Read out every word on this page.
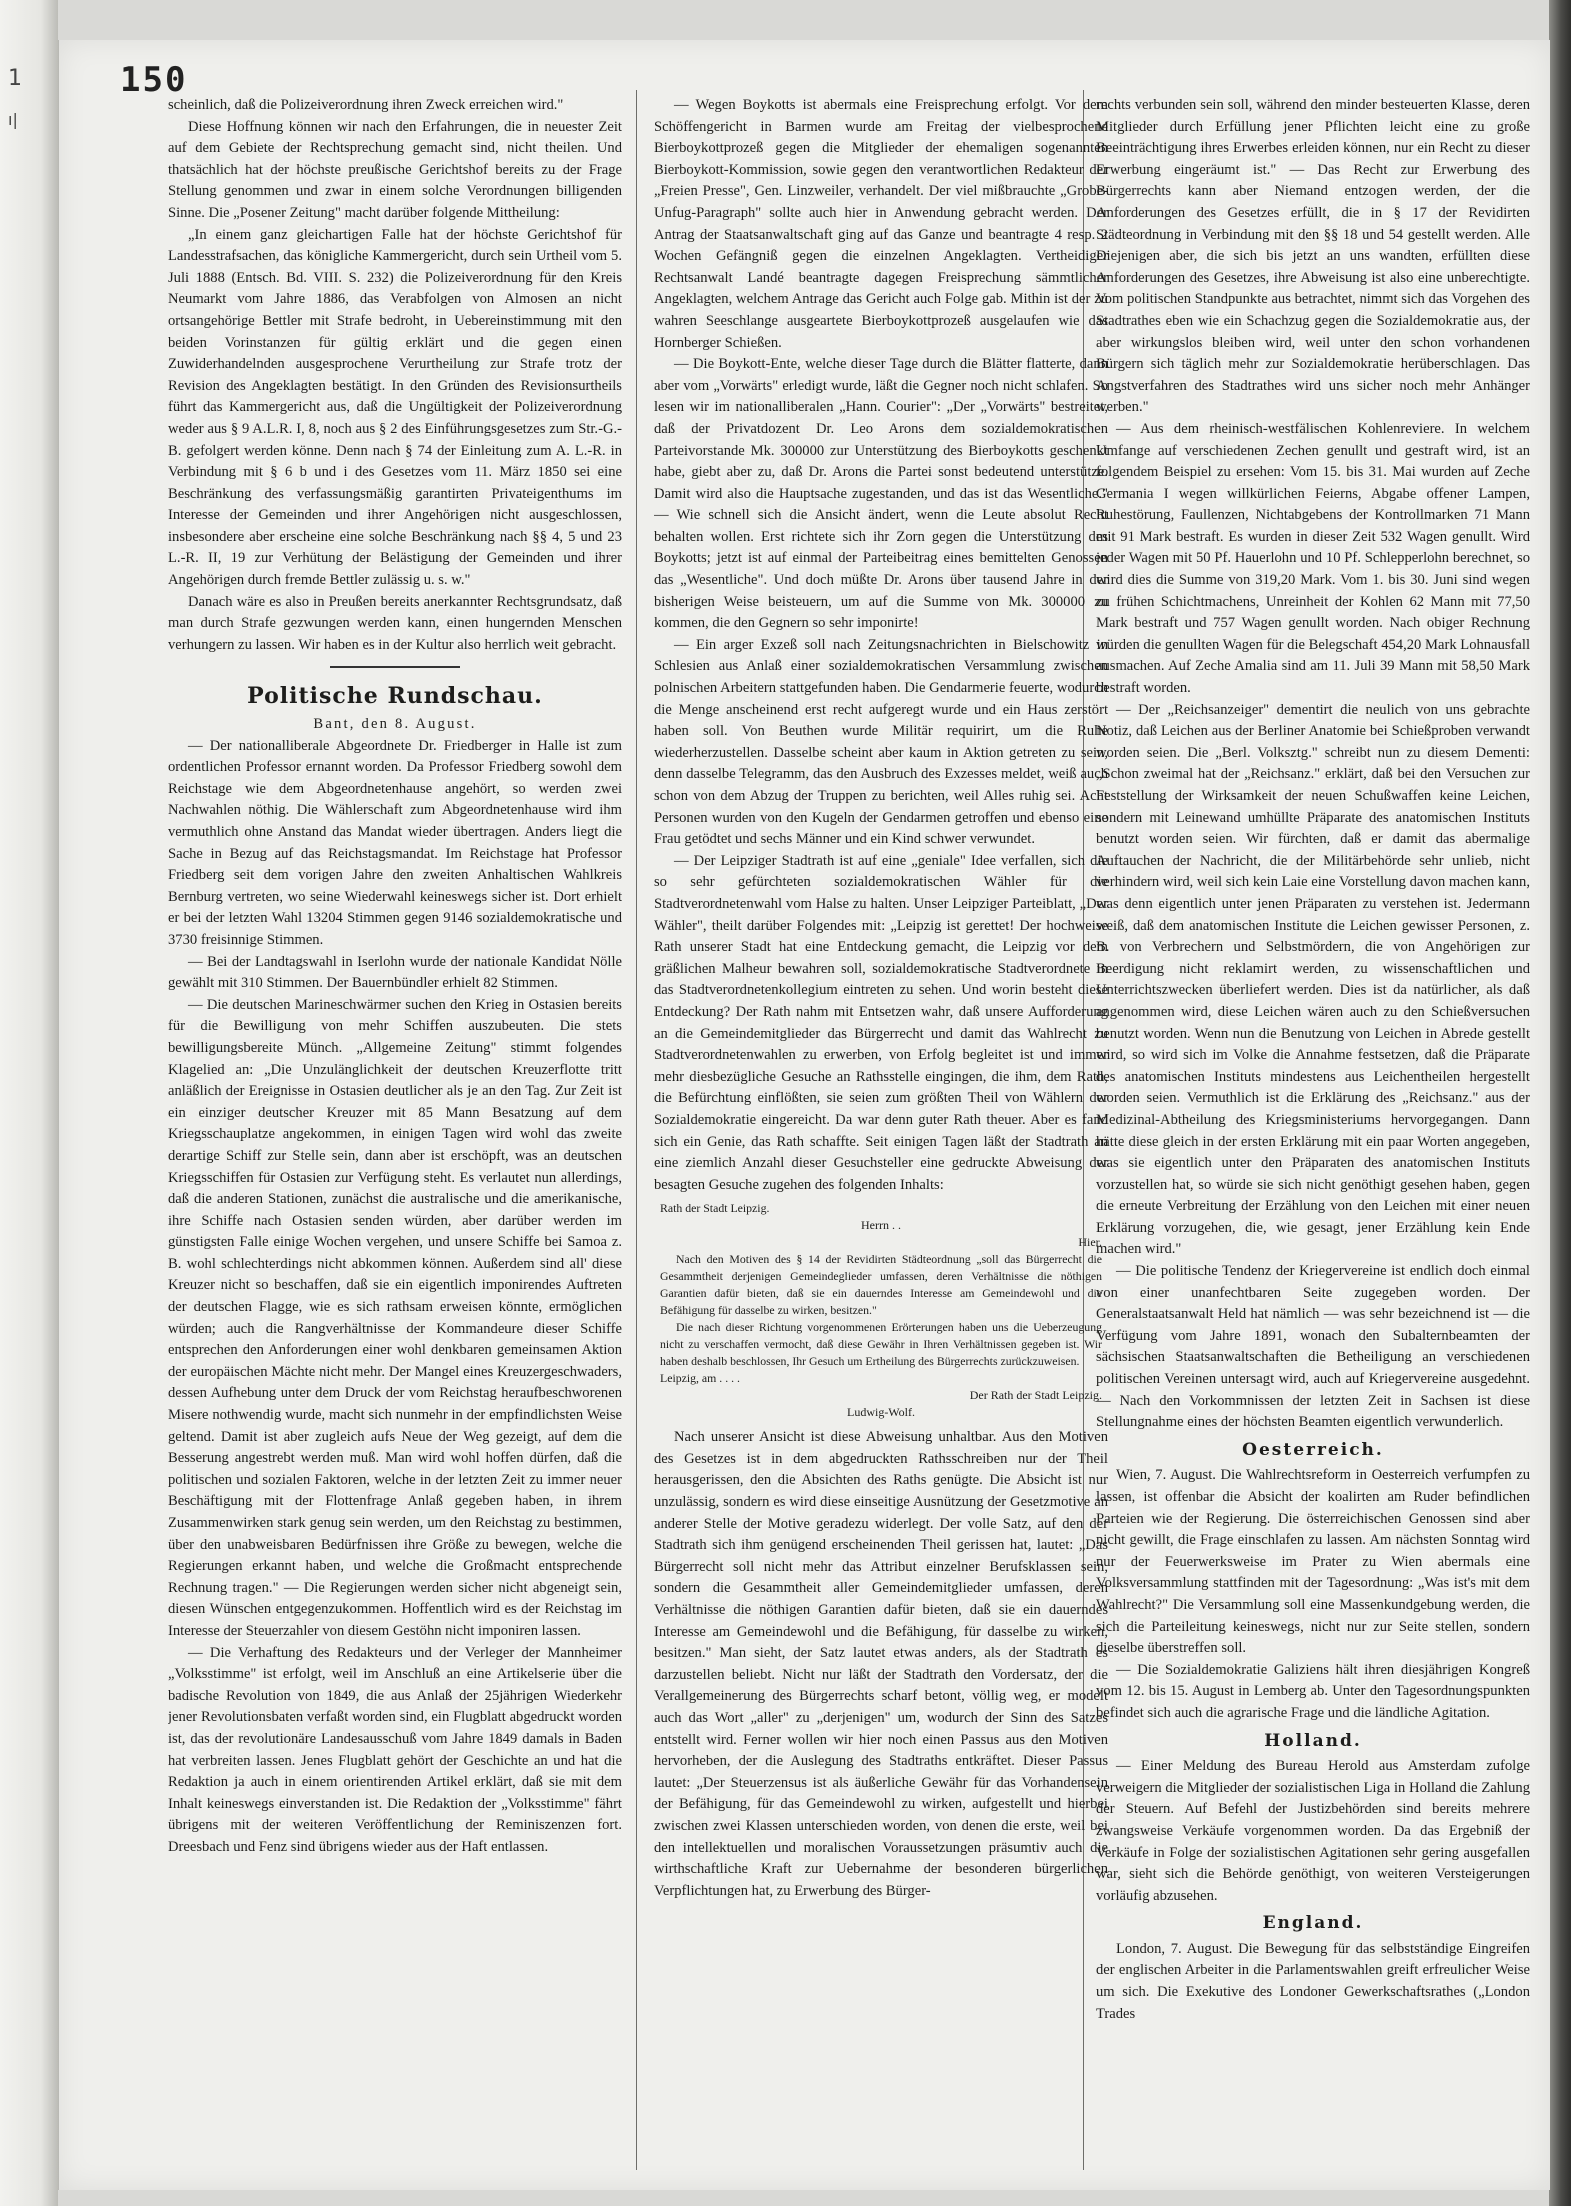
1
ı|
150

scheinlich, daß die Polizeiverordnung ihren Zweck erreichen wird."

Diese Hoffnung können wir nach den Erfahrungen, die in neuester Zeit auf dem Gebiete der Rechtsprechung gemacht sind, nicht theilen. Und thatsächlich hat der höchste preußische Gerichtshof bereits zu der Frage Stellung genommen und zwar in einem solche Verordnungen billigenden Sinne. Die „Posener Zeitung" macht darüber folgende Mittheilung:

„In einem ganz gleichartigen Falle hat der höchste Gerichtshof für Landesstrafsachen, das königliche Kammergericht, durch sein Urtheil vom 5. Juli 1888 (Entsch. Bd. VIII. S. 232) die Polizeiverordnung für den Kreis Neumarkt vom Jahre 1886, das Verabfolgen von Almosen an nicht ortsangehörige Bettler mit Strafe bedroht, in Uebereinstimmung mit den beiden Vorinstanzen für gültig erklärt und die gegen einen Zuwiderhandelnden ausgesprochene Verurtheilung zur Strafe trotz der Revision des Angeklagten bestätigt. In den Gründen des Revisionsurtheils führt das Kammergericht aus, daß die Ungültigkeit der Polizeiverordnung weder aus § 9 A.L.R. I, 8, noch aus § 2 des Einführungsgesetzes zum Str.-G.-B. gefolgert werden könne. Denn nach § 74 der Einleitung zum A. L.-R. in Verbindung mit § 6 b und i des Gesetzes vom 11. März 1850 sei eine Beschränkung des verfassungsmäßig garantirten Privateigenthums im Interesse der Gemeinden und ihrer Angehörigen nicht ausgeschlossen, insbesondere aber erscheine eine solche Beschränkung nach §§ 4, 5 und 23 L.-R. II, 19 zur Verhütung der Belästigung der Gemeinden und ihrer Angehörigen durch fremde Bettler zulässig u. s. w."

Danach wäre es also in Preußen bereits anerkannter Rechtsgrundsatz, daß man durch Strafe gezwungen werden kann, einen hungernden Menschen verhungern zu lassen. Wir haben es in der Kultur also herrlich weit gebracht.

Politische Rundschau.

Bant, den 8. August.

— Der nationalliberale Abgeordnete Dr. Friedberger in Halle ist zum ordentlichen Professor ernannt worden. Da Professor Friedberg sowohl dem Reichstage wie dem Abgeordnetenhause angehört, so werden zwei Nachwahlen nöthig. Die Wählerschaft zum Abgeordnetenhause wird ihm vermuthlich ohne Anstand das Mandat wieder übertragen. Anders liegt die Sache in Bezug auf das Reichstagsmandat. Im Reichstage hat Professor Friedberg seit dem vorigen Jahre den zweiten Anhaltischen Wahlkreis Bernburg vertreten, wo seine Wiederwahl keineswegs sicher ist. Dort erhielt er bei der letzten Wahl 13204 Stimmen gegen 9146 sozialdemokratische und 3730 freisinnige Stimmen.

— Bei der Landtagswahl in Iserlohn wurde der nationale Kandidat Nölle gewählt mit 310 Stimmen. Der Bauernbündler erhielt 82 Stimmen.

— Die deutschen Marineschwärmer suchen den Krieg in Ostasien bereits für die Bewilligung von mehr Schiffen auszubeuten. Die stets bewilligungsbereite Münch. „Allgemeine Zeitung" stimmt folgendes Klagelied an: „Die Unzulänglichkeit der deutschen Kreuzerflotte tritt anläßlich der Ereignisse in Ostasien deutlicher als je an den Tag. Zur Zeit ist ein einziger deutscher Kreuzer mit 85 Mann Besatzung auf dem Kriegsschauplatze angekommen, in einigen Tagen wird wohl das zweite derartige Schiff zur Stelle sein, dann aber ist erschöpft, was an deutschen Kriegsschiffen für Ostasien zur Verfügung steht. Es verlautet nun allerdings, daß die anderen Stationen, zunächst die australische und die amerikanische, ihre Schiffe nach Ostasien senden würden, aber darüber werden im günstigsten Falle einige Wochen vergehen, und unsere Schiffe bei Samoa z. B. wohl schlechterdings nicht abkommen können. Außerdem sind all' diese Kreuzer nicht so beschaffen, daß sie ein eigentlich imponirendes Auftreten der deutschen Flagge, wie es sich rathsam erweisen könnte, ermöglichen würden; auch die Rangverhältnisse der Kommandeure dieser Schiffe entsprechen den Anforderungen einer wohl denkbaren gemeinsamen Aktion der europäischen Mächte nicht mehr. Der Mangel eines Kreuzergeschwaders, dessen Aufhebung unter dem Druck der vom Reichstag heraufbeschworenen Misere nothwendig wurde, macht sich nunmehr in der empfindlichsten Weise geltend. Damit ist aber zugleich aufs Neue der Weg gezeigt, auf dem die Besserung angestrebt werden muß. Man wird wohl hoffen dürfen, daß die politischen und sozialen Faktoren, welche in der letzten Zeit zu immer neuer Beschäftigung mit der Flottenfrage Anlaß gegeben haben, in ihrem Zusammenwirken stark genug sein werden, um den Reichstag zu bestimmen, über den unabweisbaren Bedürfnissen ihre Größe zu bewegen, welche die Regierungen erkannt haben, und welche die Großmacht entsprechende Rechnung tragen." — Die Regierungen werden sicher nicht abgeneigt sein, diesen Wünschen entgegenzukommen. Hoffentlich wird es der Reichstag im Interesse der Steuerzahler von diesem Gestöhn nicht imponiren lassen.

— Die Verhaftung des Redakteurs und der Verleger der Mannheimer „Volksstimme" ist erfolgt, weil im Anschluß an eine Artikelserie über die badische Revolution von 1849, die aus Anlaß der 25jährigen Wiederkehr jener Revolutionsbaten verfaßt worden sind, ein Flugblatt abgedruckt worden ist, das der revolutionäre Landesausschuß vom Jahre 1849 damals in Baden hat verbreiten lassen. Jenes Flugblatt gehört der Geschichte an und hat die Redaktion ja auch in einem orientirenden Artikel erklärt, daß sie mit dem Inhalt keineswegs einverstanden ist. Die Redaktion der „Volksstimme" fährt übrigens mit der weiteren Veröffentlichung der Reminiszenzen fort. Dreesbach und Fenz sind übrigens wieder aus der Haft entlassen.

— Wegen Boykotts ist abermals eine Freisprechung erfolgt. Vor dem Schöffengericht in Barmen wurde am Freitag der vielbesprochene Bierboykottprozeß gegen die Mitglieder der ehemaligen sogenannten Bierboykott-Kommission, sowie gegen den verantwortlichen Redakteur der „Freien Presse", Gen. Linzweiler, verhandelt. Der viel mißbrauchte „Grobe-Unfug-Paragraph" sollte auch hier in Anwendung gebracht werden. Der Antrag der Staatsanwaltschaft ging auf das Ganze und beantragte 4 resp. 2 Wochen Gefängniß gegen die einzelnen Angeklagten. Vertheidiger Rechtsanwalt Landé beantragte dagegen Freisprechung sämmtlicher Angeklagten, welchem Antrage das Gericht auch Folge gab. Mithin ist der zu wahren Seeschlange ausgeartete Bierboykottprozeß ausgelaufen wie das Hornberger Schießen.

— Die Boykott-Ente, welche dieser Tage durch die Blätter flatterte, dann aber vom „Vorwärts" erledigt wurde, läßt die Gegner noch nicht schlafen. So lesen wir im nationalliberalen „Hann. Courier": „Der „Vorwärts" bestreitet, daß der Privatdozent Dr. Leo Arons dem sozialdemokratischen Parteivorstande Mk. 300000 zur Unterstützung des Bierboykotts geschenkt habe, giebt aber zu, daß Dr. Arons die Partei sonst bedeutend unterstütze. Damit wird also die Hauptsache zugestanden, und das ist das Wesentliche." — Wie schnell sich die Ansicht ändert, wenn die Leute absolut Recht behalten wollen. Erst richtete sich ihr Zorn gegen die Unterstützung des Boykotts; jetzt ist auf einmal der Parteibeitrag eines bemittelten Genossen das „Wesentliche". Und doch müßte Dr. Arons über tausend Jahre in der bisherigen Weise beisteuern, um auf die Summe von Mk. 300000 zu kommen, die den Gegnern so sehr imponirte!

— Ein arger Exzeß soll nach Zeitungsnachrichten in Bielschowitz in Schlesien aus Anlaß einer sozialdemokratischen Versammlung zwischen polnischen Arbeitern stattgefunden haben. Die Gendarmerie feuerte, wodurch die Menge anscheinend erst recht aufgeregt wurde und ein Haus zerstört haben soll. Von Beuthen wurde Militär requirirt, um die Ruhe wiederherzustellen. Dasselbe scheint aber kaum in Aktion getreten zu sein, denn dasselbe Telegramm, das den Ausbruch des Exzesses meldet, weiß auch schon von dem Abzug der Truppen zu berichten, weil Alles ruhig sei. Acht Personen wurden von den Kugeln der Gendarmen getroffen und ebenso eine Frau getödtet und sechs Männer und ein Kind schwer verwundet.

— Der Leipziger Stadtrath ist auf eine „geniale" Idee verfallen, sich die so sehr gefürchteten sozialdemokratischen Wähler für die Stadtverordnetenwahl vom Halse zu halten. Unser Leipziger Parteiblatt, „Der Wähler", theilt darüber Folgendes mit: „Leipzig ist gerettet! Der hochweise Rath unserer Stadt hat eine Entdeckung gemacht, die Leipzig vor dem gräßlichen Malheur bewahren soll, sozialdemokratische Stadtverordnete in das Stadtverordnetenkollegium eintreten zu sehen. Und worin besteht diese Entdeckung? Der Rath nahm mit Entsetzen wahr, daß unsere Aufforderung an die Gemeindemitglieder das Bürgerrecht und damit das Wahlrecht zu Stadtverordnetenwahlen zu erwerben, von Erfolg begleitet ist und immer mehr diesbezügliche Gesuche an Rathsstelle eingingen, die ihm, dem Rath, die Befürchtung einflößten, sie seien zum größten Theil von Wählern der Sozialdemokratie eingereicht. Da war denn guter Rath theuer. Aber es fand sich ein Genie, das Rath schaffte. Seit einigen Tagen läßt der Stadtrath an eine ziemlich Anzahl dieser Gesuchsteller eine gedruckte Abweisung der besagten Gesuche zugehen des folgenden Inhalts:

Rath der Stadt Leipzig.

Herrn . .

Hier.

Nach den Motiven des § 14 der Revidirten Städteordnung „soll das Bürgerrecht die Gesammtheit derjenigen Gemeindeglieder umfassen, deren Verhältnisse die nöthigen Garantien dafür bieten, daß sie ein dauerndes Interesse am Gemeindewohl und die Befähigung für dasselbe zu wirken, besitzen."

Die nach dieser Richtung vorgenommenen Erörterungen haben uns die Ueberzeugung nicht zu verschaffen vermocht, daß diese Gewähr in Ihren Verhältnissen gegeben ist. Wir haben deshalb beschlossen, Ihr Gesuch um Ertheilung des Bürgerrechts zurückzuweisen.

Leipzig, am . . . .

Der Rath der Stadt Leipzig.

Ludwig-Wolf.

Nach unserer Ansicht ist diese Abweisung unhaltbar. Aus den Motiven des Gesetzes ist in dem abgedruckten Rathsschreiben nur der Theil herausgerissen, den die Absichten des Raths genügte. Die Absicht ist nur unzulässig, sondern es wird diese einseitige Ausnützung der Gesetzmotive an anderer Stelle der Motive geradezu widerlegt. Der volle Satz, auf den der Stadtrath sich ihm genügend erscheinenden Theil gerissen hat, lautet: „Das Bürgerrecht soll nicht mehr das Attribut einzelner Berufsklassen sein, sondern die Gesammtheit aller Gemeindemitglieder umfassen, deren Verhältnisse die nöthigen Garantien dafür bieten, daß sie ein dauerndes Interesse am Gemeindewohl und die Befähigung, für dasselbe zu wirken, besitzen." Man sieht, der Satz lautet etwas anders, als der Stadtrath es darzustellen beliebt. Nicht nur läßt der Stadtrath den Vordersatz, der die Verallgemeinerung des Bürgerrechts scharf betont, völlig weg, er modelt auch das Wort „aller" zu „derjenigen" um, wodurch der Sinn des Satzes entstellt wird. Ferner wollen wir hier noch einen Passus aus den Motiven hervorheben, der die Auslegung des Stadtraths entkräftet. Dieser Passus lautet: „Der Steuerzensus ist als äußerliche Gewähr für das Vorhandensein der Befähigung, für das Gemeindewohl zu wirken, aufgestellt und hierbei zwischen zwei Klassen unterschieden worden, von denen die erste, weil bei den intellektuellen und moralischen Voraussetzungen präsumtiv auch die wirthschaftliche Kraft zur Uebernahme der besonderen bürgerlichen Verpflichtungen hat, zu Erwerbung des Bürger-

rechts verbunden sein soll, während den minder besteuerten Klasse, deren Mitglieder durch Erfüllung jener Pflichten leicht eine zu große Beeinträchtigung ihres Erwerbes erleiden können, nur ein Recht zu dieser Erwerbung eingeräumt ist." — Das Recht zur Erwerbung des Bürgerrechts kann aber Niemand entzogen werden, der die Anforderungen des Gesetzes erfüllt, die in § 17 der Revidirten Städteordnung in Verbindung mit den §§ 18 und 54 gestellt werden. Alle Diejenigen aber, die sich bis jetzt an uns wandten, erfüllten diese Anforderungen des Gesetzes, ihre Abweisung ist also eine unberechtigte. Vom politischen Standpunkte aus betrachtet, nimmt sich das Vorgehen des Stadtrathes eben wie ein Schachzug gegen die Sozialdemokratie aus, der aber wirkungslos bleiben wird, weil unter den schon vorhandenen Bürgern sich täglich mehr zur Sozialdemokratie herüberschlagen. Das Angstverfahren des Stadtrathes wird uns sicher noch mehr Anhänger werben."

— Aus dem rheinisch-westfälischen Kohlenreviere. In welchem Umfange auf verschiedenen Zechen genullt und gestraft wird, ist an folgendem Beispiel zu ersehen: Vom 15. bis 31. Mai wurden auf Zeche Germania I wegen willkürlichen Feierns, Abgabe offener Lampen, Ruhestörung, Faullenzen, Nichtabgebens der Kontrollmarken 71 Mann mit 91 Mark bestraft. Es wurden in dieser Zeit 532 Wagen genullt. Wird jeder Wagen mit 50 Pf. Hauerlohn und 10 Pf. Schlepperlohn berechnet, so wird dies die Summe von 319,20 Mark. Vom 1. bis 30. Juni sind wegen zu frühen Schichtmachens, Unreinheit der Kohlen 62 Mann mit 77,50 Mark bestraft und 757 Wagen genullt worden. Nach obiger Rechnung würden die genullten Wagen für die Belegschaft 454,20 Mark Lohnausfall ausmachen. Auf Zeche Amalia sind am 11. Juli 39 Mann mit 58,50 Mark bestraft worden.

— Der „Reichsanzeiger" dementirt die neulich von uns gebrachte Notiz, daß Leichen aus der Berliner Anatomie bei Schießproben verwandt worden seien. Die „Berl. Volksztg." schreibt nun zu diesem Dementi: „Schon zweimal hat der „Reichsanz." erklärt, daß bei den Versuchen zur Feststellung der Wirksamkeit der neuen Schußwaffen keine Leichen, sondern mit Leinewand umhüllte Präparate des anatomischen Instituts benutzt worden seien. Wir fürchten, daß er damit das abermalige Auftauchen der Nachricht, die der Militärbehörde sehr unlieb, nicht verhindern wird, weil sich kein Laie eine Vorstellung davon machen kann, was denn eigentlich unter jenen Präparaten zu verstehen ist. Jedermann weiß, daß dem anatomischen Institute die Leichen gewisser Personen, z. B. von Verbrechern und Selbstmördern, die von Angehörigen zur Beerdigung nicht reklamirt werden, zu wissenschaftlichen und Unterrichtszwecken überliefert werden. Dies ist da natürlicher, als daß angenommen wird, diese Leichen wären auch zu den Schießversuchen benutzt worden. Wenn nun die Benutzung von Leichen in Abrede gestellt wird, so wird sich im Volke die Annahme festsetzen, daß die Präparate des anatomischen Instituts mindestens aus Leichentheilen hergestellt worden seien. Vermuthlich ist die Erklärung des „Reichsanz." aus der Medizinal-Abtheilung des Kriegsministeriums hervorgegangen. Dann hätte diese gleich in der ersten Erklärung mit ein paar Worten angegeben, was sie eigentlich unter den Präparaten des anatomischen Instituts vorzustellen hat, so würde sie sich nicht genöthigt gesehen haben, gegen die erneute Verbreitung der Erzählung von den Leichen mit einer neuen Erklärung vorzugehen, die, wie gesagt, jener Erzählung kein Ende machen wird."

— Die politische Tendenz der Kriegervereine ist endlich doch einmal von einer unanfechtbaren Seite zugegeben worden. Der Generalstaatsanwalt Held hat nämlich — was sehr bezeichnend ist — die Verfügung vom Jahre 1891, wonach den Subalternbeamten der sächsischen Staatsanwaltschaften die Betheiligung an verschiedenen politischen Vereinen untersagt wird, auch auf Kriegervereine ausgedehnt. — Nach den Vorkommnissen der letzten Zeit in Sachsen ist diese Stellungnahme eines der höchsten Beamten eigentlich verwunderlich.

Oesterreich.

Wien, 7. August. Die Wahlrechtsreform in Oesterreich verfumpfen zu lassen, ist offenbar die Absicht der koalirten am Ruder befindlichen Parteien wie der Regierung. Die österreichischen Genossen sind aber nicht gewillt, die Frage einschlafen zu lassen. Am nächsten Sonntag wird nur der Feuerwerksweise im Prater zu Wien abermals eine Volksversammlung stattfinden mit der Tagesordnung: „Was ist's mit dem Wahlrecht?" Die Versammlung soll eine Massenkundgebung werden, die sich die Parteileitung keineswegs, nicht nur zur Seite stellen, sondern dieselbe überstreffen soll.

— Die Sozialdemokratie Galiziens hält ihren diesjährigen Kongreß vom 12. bis 15. August in Lemberg ab. Unter den Tagesordnungspunkten befindet sich auch die agrarische Frage und die ländliche Agitation.

Holland.

— Einer Meldung des Bureau Herold aus Amsterdam zufolge verweigern die Mitglieder der sozialistischen Liga in Holland die Zahlung der Steuern. Auf Befehl der Justizbehörden sind bereits mehrere zwangsweise Verkäufe vorgenommen worden. Da das Ergebniß der Verkäufe in Folge der sozialistischen Agitationen sehr gering ausgefallen war, sieht sich die Behörde genöthigt, von weiteren Versteigerungen vorläufig abzusehen.

England.

London, 7. August. Die Bewegung für das selbstständige Eingreifen der englischen Arbeiter in die Parlamentswahlen greift erfreulicher Weise um sich. Die Exekutive des Londoner Gewerkschaftsrathes („London Trades
